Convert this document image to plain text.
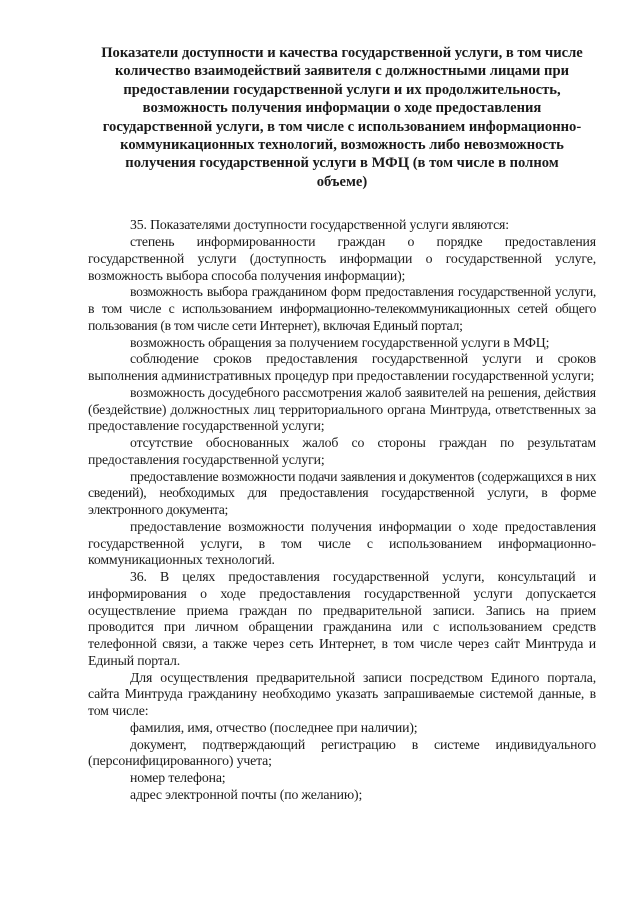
Показатели доступности и качества государственной услуги, в том числе
количество взаимодействий заявителя с должностными лицами при
предоставлении государственной услуги и их продолжительность,
возможность получения информации о ходе предоставления
государственной услуги, в том числе с использованием информационно-
коммуникационных технологий, возможность либо невозможность
получения государственной услуги в МФЦ (в том числе в полном
объеме)

35. Показателями доступности государственной услуги являются:

степень информированности граждан о порядке предоставления государственной услуги (доступность информации о государственной услуге, возможность выбора способа получения информации);

возможность выбора гражданином форм предоставления государственной услуги, в том числе с использованием информационно-телекоммуникационных сетей общего пользования (в том числе сети Интернет), включая Единый портал;

возможность обращения за получением государственной услуги в МФЦ;

соблюдение сроков предоставления государственной услуги и сроков выполнения административных процедур при предоставлении государственной услуги;

возможность досудебного рассмотрения жалоб заявителей на решения, действия (бездействие) должностных лиц территориального органа Минтруда, ответственных за предоставление государственной услуги;

отсутствие обоснованных жалоб со стороны граждан по результатам предоставления государственной услуги;

предоставление возможности подачи заявления и документов (содержащихся в них сведений), необходимых для предоставления государственной услуги, в форме электронного документа;

предоставление возможности получения информации о ходе предоставления государственной услуги, в том числе с использованием информационно-коммуникационных технологий.

36. В целях предоставления государственной услуги, консультаций и информирования о ходе предоставления государственной услуги допускается осуществление приема граждан по предварительной записи. Запись на прием проводится при личном обращении гражданина или с использованием средств телефонной связи, а также через сеть Интернет, в том числе через сайт Минтруда и Единый портал.

Для осуществления предварительной записи посредством Единого портала, сайта Минтруда гражданину необходимо указать запрашиваемые системой данные, в том числе:

фамилия, имя, отчество (последнее при наличии);

документ, подтверждающий регистрацию в системе индивидуального (персонифицированного) учета;

номер телефона;

адрес электронной почты (по желанию);
